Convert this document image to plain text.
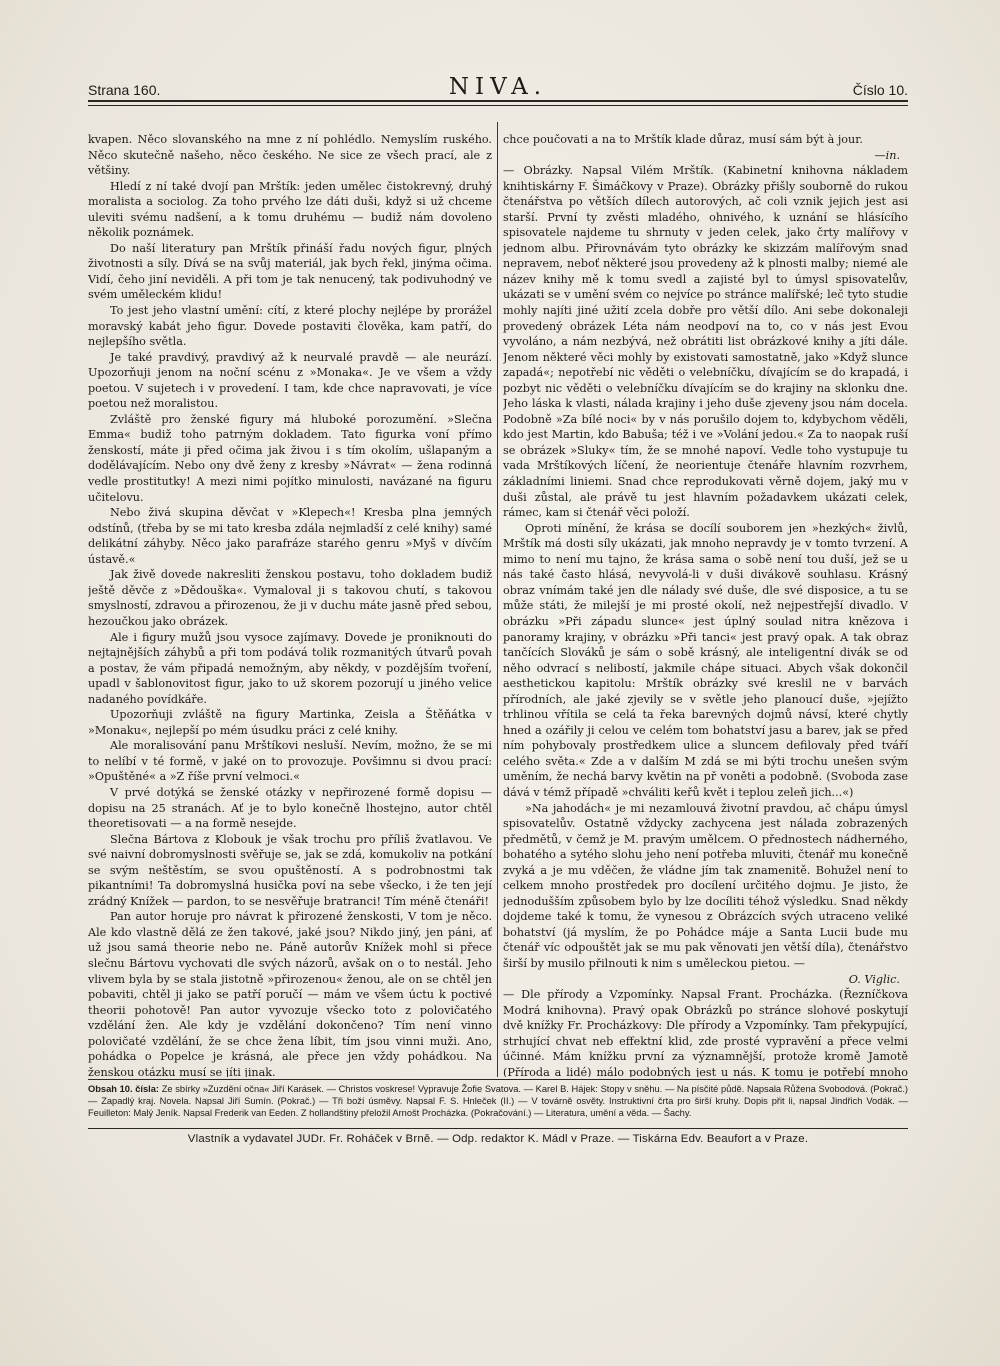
Strana 160.	NIVA.	Číslo 10.

kvapen. Něco slovanského na mne z ní pohlédlo. Nemyslím ruského. Něco skutečně našeho, něco českého. Ne sice ze všech prací, ale z většiny.

Hledí z ní také dvojí pan Mrštík: jeden umělec čistokrevný, druhý moralista a sociolog. Za toho prvého lze dáti duši, když si už chceme uleviti svému nadšení, a k tomu druhému — budiž nám dovoleno několik poznámek.

Do naší literatury pan Mrštík přináší řadu nových figur, plných životnosti a síly. Dívá se na svůj materiál, jak bych řekl, jinýma očima. Vidí, čeho jiní neviděli. A při tom je tak nenucený, tak podivuhodný ve svém uměleckém klidu!

To jest jeho vlastní umění: cítí, z které plochy nejlépe by prorážel moravský kabát jeho figur. Dovede postaviti člověka, kam patří, do nejlepšího světla.

Je také pravdivý, pravdivý až k neurvalé pravdě — ale neurází. Upozorňuji jenom na noční scénu z »Monaka«. Je ve všem a vždy poetou. V sujetech i v provedení. I tam, kde chce napravovati, je více poetou než moralistou.

Zvláště pro ženské figury má hluboké porozumění. »Slečna Emma« budiž toho patrným dokladem. Tato figurka voní přímo ženskostí, máte ji před očima jak živou i s tím okolím, ušlapaným a dodělávajícím. Nebo ony dvě ženy z kresby »Návrat« — žena rodinná vedle prostitutky! A mezi nimi pojítko minulosti, navázané na figuru učitelovu.

Nebo živá skupina děvčat v »Klepech«! Kresba plna jemných odstínů, (třeba by se mi tato kresba zdála nejmladší z celé knihy) samé delikátní záhyby. Něco jako parafráze starého genru »Myš v dívčím ústavě.«

Jak živě dovede nakresliti ženskou postavu, toho dokladem budiž ještě děvče z »Dědouška«. Vymaloval ji s takovou chutí, s takovou smyslností, zdravou a přirozenou, že ji v duchu máte jasně před sebou, hezoučkou jako obrázek.

Ale i figury mužů jsou vysoce zajímavy. Dovede je proniknouti do nejtajnějších záhybů a při tom podává tolik rozmanitých útvarů povah a postav, že vám připadá nemožným, aby někdy, v pozdějším tvoření, upadl v šablonovitost figur, jako to už skorem pozorují u jiného velice nadaného povídkáře.

Upozorňuji zvláště na figury Martinka, Zeisla a Štěňátka v »Monaku«, nejlepší po mém úsudku práci z celé knihy.

Ale moralisování panu Mrštíkovi nesluší. Nevím, možno, že se mi to nelíbí v té formě, v jaké on to provozuje. Povšimnu si dvou prací: »Opuštěné« a »Z říše první velmoci.«

V prvé dotýká se ženské otázky v nepřirozené formě dopisu — dopisu na 25 stranách. Ať je to bylo konečně lhostejno, autor chtěl theoretisovati — a na formě nesejde.

Slečna Bártova z Klobouk je však trochu pro příliš žvatlavou. Ve své naivní dobromyslnosti svěřuje se, jak se zdá, komukoliv na potkání se svým neštěstím, se svou opuštěností. A s podrobnostmi tak pikantními! Ta dobromyslná husička poví na sebe všecko, i že ten její zrádný Knížek — pardon, to se nesvěřuje bratranci! Tím méně čtenáři!

Pan autor horuje pro návrat k přirozené ženskosti, V tom je něco. Ale kdo vlastně dělá ze žen takové, jaké jsou? Nikdo jiný, jen páni, ať už jsou samá theorie nebo ne. Páně autorův Knížek mohl si přece slečnu Bártovu vychovati dle svých názorů, avšak on o to nestál. Jeho vlivem byla by se stala jistotně »přirozenou« ženou, ale on se chtěl jen pobaviti, chtěl ji jako se patří poručí — mám ve všem úctu k poctivé theorii pohotově! Pan autor vyvozuje všecko toto z polovičatého vzdělání žen. Ale kdy je vzdělání dokončeno? Tím není vinno polovičaté vzdělání, že se chce žena líbit, tím jsou vinni muži. Ano, pohádka o Popelce je krásná, ale přece jen vždy pohádkou. Na ženskou otázku musí se jíti jinak.

chce poučovati a na to Mrštík klade důraz, musí sám být à jour.

—in.

— Obrázky. Napsal Vilém Mrštík. (Kabinetní knihovna nákladem knihtiskárny F. Šimáčkovy v Praze). Obrázky přišly souborně do rukou čtenářstva po větších dílech autorových, ač coli vznik jejich jest asi starší. První ty zvěsti mladého, ohnivého, k uznání se hlásícího spisovatele najdeme tu shrnuty v jeden celek, jako črty malířovy v jednom albu. Přirovnávám tyto obrázky ke skizzám malířovým snad nepravem, neboť některé jsou provedeny až k plnosti malby; niemé ale název knihy mě k tomu svedl a zajisté byl to úmysl spisovatelův, ukázati se v umění svém co nejvíce po stránce malířské; leč tyto studie mohly najíti jiné užití zcela dobře pro větší dílo. Ani sebe dokonaleji provedený obrázek Léta nám neodpoví na to, co v nás jest Evou vyvoláno, a nám nezbývá, než obrátiti list obrázkové knihy a jíti dále. Jenom některé věci mohly by existovati samostatně, jako »Když slunce zapadá«; nepotřebí nic věděti o velebníčku, dívajícím se do krapadá, i pozbyt nic věděti o velebníčku dívajícím se do krajiny na sklonku dne. Jeho láska k vlasti, nálada krajiny i jeho duše zjeveny jsou nám docela. Podobně »Za bílé noci« by v nás porušilo dojem to, kdybychom věděli, kdo jest Martin, kdo Babuša; též i ve »Volání jedou.« Za to naopak ruší se obrázek »Sluky« tím, že se mnohé napoví. Vedle toho vystupuje tu vada Mrštíkových líčení, že neorientuje čtenáře hlavním rozvrhem, základními liniemi. Snad chce reprodukovati věrně dojem, jaký mu v duši zůstal, ale právě tu jest hlavním požadavkem ukázati celek, rámec, kam si čtenář věci položí.

Oproti mínění, že krása se docílí souborem jen »hezkých« živlů, Mrštík má dosti síly ukázati, jak mnoho nepravdy je v tomto tvrzení. A mimo to není mu tajno, že krása sama o sobě není tou duší, jež se u nás také často hlásá, nevyvolá-li v duši divákově souhlasu. Krásný obraz vnímám také jen dle nálady své duše, dle své disposice, a tu se může státi, že milejší je mi prosté okolí, než nejpestřejší divadlo. V obrázku »Při západu slunce« jest úplný soulad nitra knězova i panoramy krajiny, v obrázku »Při tanci« jest pravý opak. A tak obraz tančících Slováků je sám o sobě krásný, ale inteligentní divák se od něho odvrací s nelibostí, jakmile chápe situaci. Abych však dokončil aesthetickou kapitolu: Mrštík obrázky své kreslil ne v barvách přírodních, ale jaké zjevily se v světle jeho planoucí duše, »jejížto trhlinou vřítila se celá ta řeka barevných dojmů návsí, které chytly hned a ozářily ji celou ve celém tom bohatství jasu a barev, jak se před ním pohybovaly prostředkem ulice a sluncem defilovaly před tváří celého světa.« Zde a v dalším M zdá se mi býti trochu unešen svým uměním, že nechá barvy květin na př voněti a podobně. (Svoboda zase dává v témž případě »chváliti keřů květ i teplou zeleň jich...«)

»Na jahodách« je mi nezamlouvá životní pravdou, ač chápu úmysl spisovatelův. Ostatně vždycky zachycena jest nálada zobrazených předmětů, v čemž je M. pravým umělcem. O přednostech nádherného, bohatého a sytého slohu jeho není potřeba mluviti, čtenář mu konečně zvyká a je mu vděčen, že vládne jím tak znamenitě. Bohužel není to celkem mnoho prostředek pro docílení určitého dojmu. Je jisto, že jednodušším způsobem bylo by lze docíliti téhož výsledku. Snad někdy dojdeme také k tomu, že vynesou z Obrázcích svých utraceno veliké bohatství (já myslím, že po Pohádce máje a Santa Lucii bude mu čtenář víc odpouštět jak se mu pak věnovati jen větší díla), čtenářstvo širší by musilo přilnouti k nim s uměleckou pietou. —

O. Viglic.

— Dle přírody a Vzpomínky. Napsal Frant. Procházka. (Řezníčkova Modrá knihovna). Pravý opak Obrázků po stránce slohové poskytují dvě knížky Fr. Procházkovy: Dle přírody a Vzpomínky. Tam překypující, strhující chvat neb effektní klid, zde prosté vypravění a přece velmi účinné. Mám knížku první za významnější, protože kromě Jamotě (Příroda a lidé) málo podobných jest u nás. K tomu je potřebí mnoho

Obsah 10. čísla: Ze sbírky »Zuzdění očna« Jiří Karásek. — Christos voskrese! Vypravuje Žofie Svatova. — Karel B. Hájek: Stopy v sněhu. — Na písčité půdě. Napsala Růžena Svobodová. (Pokrač.) — Zapadlý kraj. Novela. Napsal Jiří Sumín. (Pokrač.) — Tři boží úsměvy. Napsal F. S. Hnleček (II.) — V továrně osvěty. Instruktivní črta pro širší kruhy. Dopis přit li, napsal Jindřich Vodák. — Feuilleton: Malý Jeník. Napsal Frederik van Eeden. Z hollandštiny přeložil Arnošt Procházka. (Pokračování.) — Literatura, umění a věda. — Šachy.
Vlastník a vydavatel JUDr. Fr. Roháček v Brně. — Odp. redaktor K. Mádl v Praze. — Tiskárna Edv. Beaufort a v Praze.
